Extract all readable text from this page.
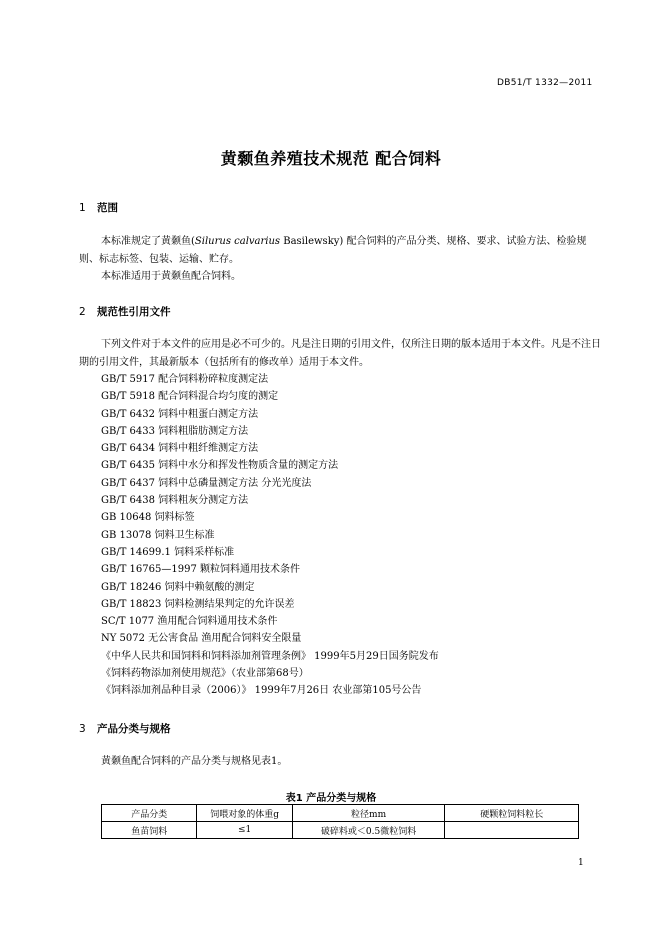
DB51/T 1332—2011
黄颡鱼养殖技术规范 配合饲料
1 范围

本标准规定了黄颡鱼(Silurus calvarius Basilewsky) 配合饲料的产品分类、规格、要求、试验方法、检验规则、标志标签、包装、运输、贮存。

本标准适用于黄颡鱼配合饲料。

2 规范性引用文件

下列文件对于本文件的应用是必不可少的。凡是注日期的引用文件，仅所注日期的版本适用于本文件。凡是不注日期的引用文件，其最新版本（包括所有的修改单）适用于本文件。

GB/T 5917 配合饲料粉碎粒度测定法
GB/T 5918 配合饲料混合均匀度的测定
GB/T 6432 饲料中粗蛋白测定方法
GB/T 6433 饲料粗脂肪测定方法
GB/T 6434 饲料中粗纤维测定方法
GB/T 6435 饲料中水分和挥发性物质含量的测定方法
GB/T 6437 饲料中总磷量测定方法 分光光度法
GB/T 6438 饲料粗灰分测定方法
GB 10648 饲料标签
GB 13078 饲料卫生标准
GB/T 14699.1 饲料采样标准
GB/T 16765—1997 颗粒饲料通用技术条件
GB/T 18246 饲料中赖氨酸的测定
GB/T 18823 饲料检测结果判定的允许误差
SC/T 1077 渔用配合饲料通用技术条件
NY 5072 无公害食品 渔用配合饲料安全限量
《中华人民共和国饲料和饲料添加剂管理条例》 1999年5月29日国务院发布
《饲料药物添加剂使用规范》（农业部第68号）
《饲料添加剂品种目录（2006）》 1999年7月26日 农业部第105号公告
3 产品分类与规格

黄颡鱼配合饲料的产品分类与规格见表1。

表1 产品分类与规格
产品分类	饲喂对象的体重g	粒径mm	硬颗粒饲料粒长
鱼苗饲料	≤1	破碎料或＜0.5微粒饲料	
1
